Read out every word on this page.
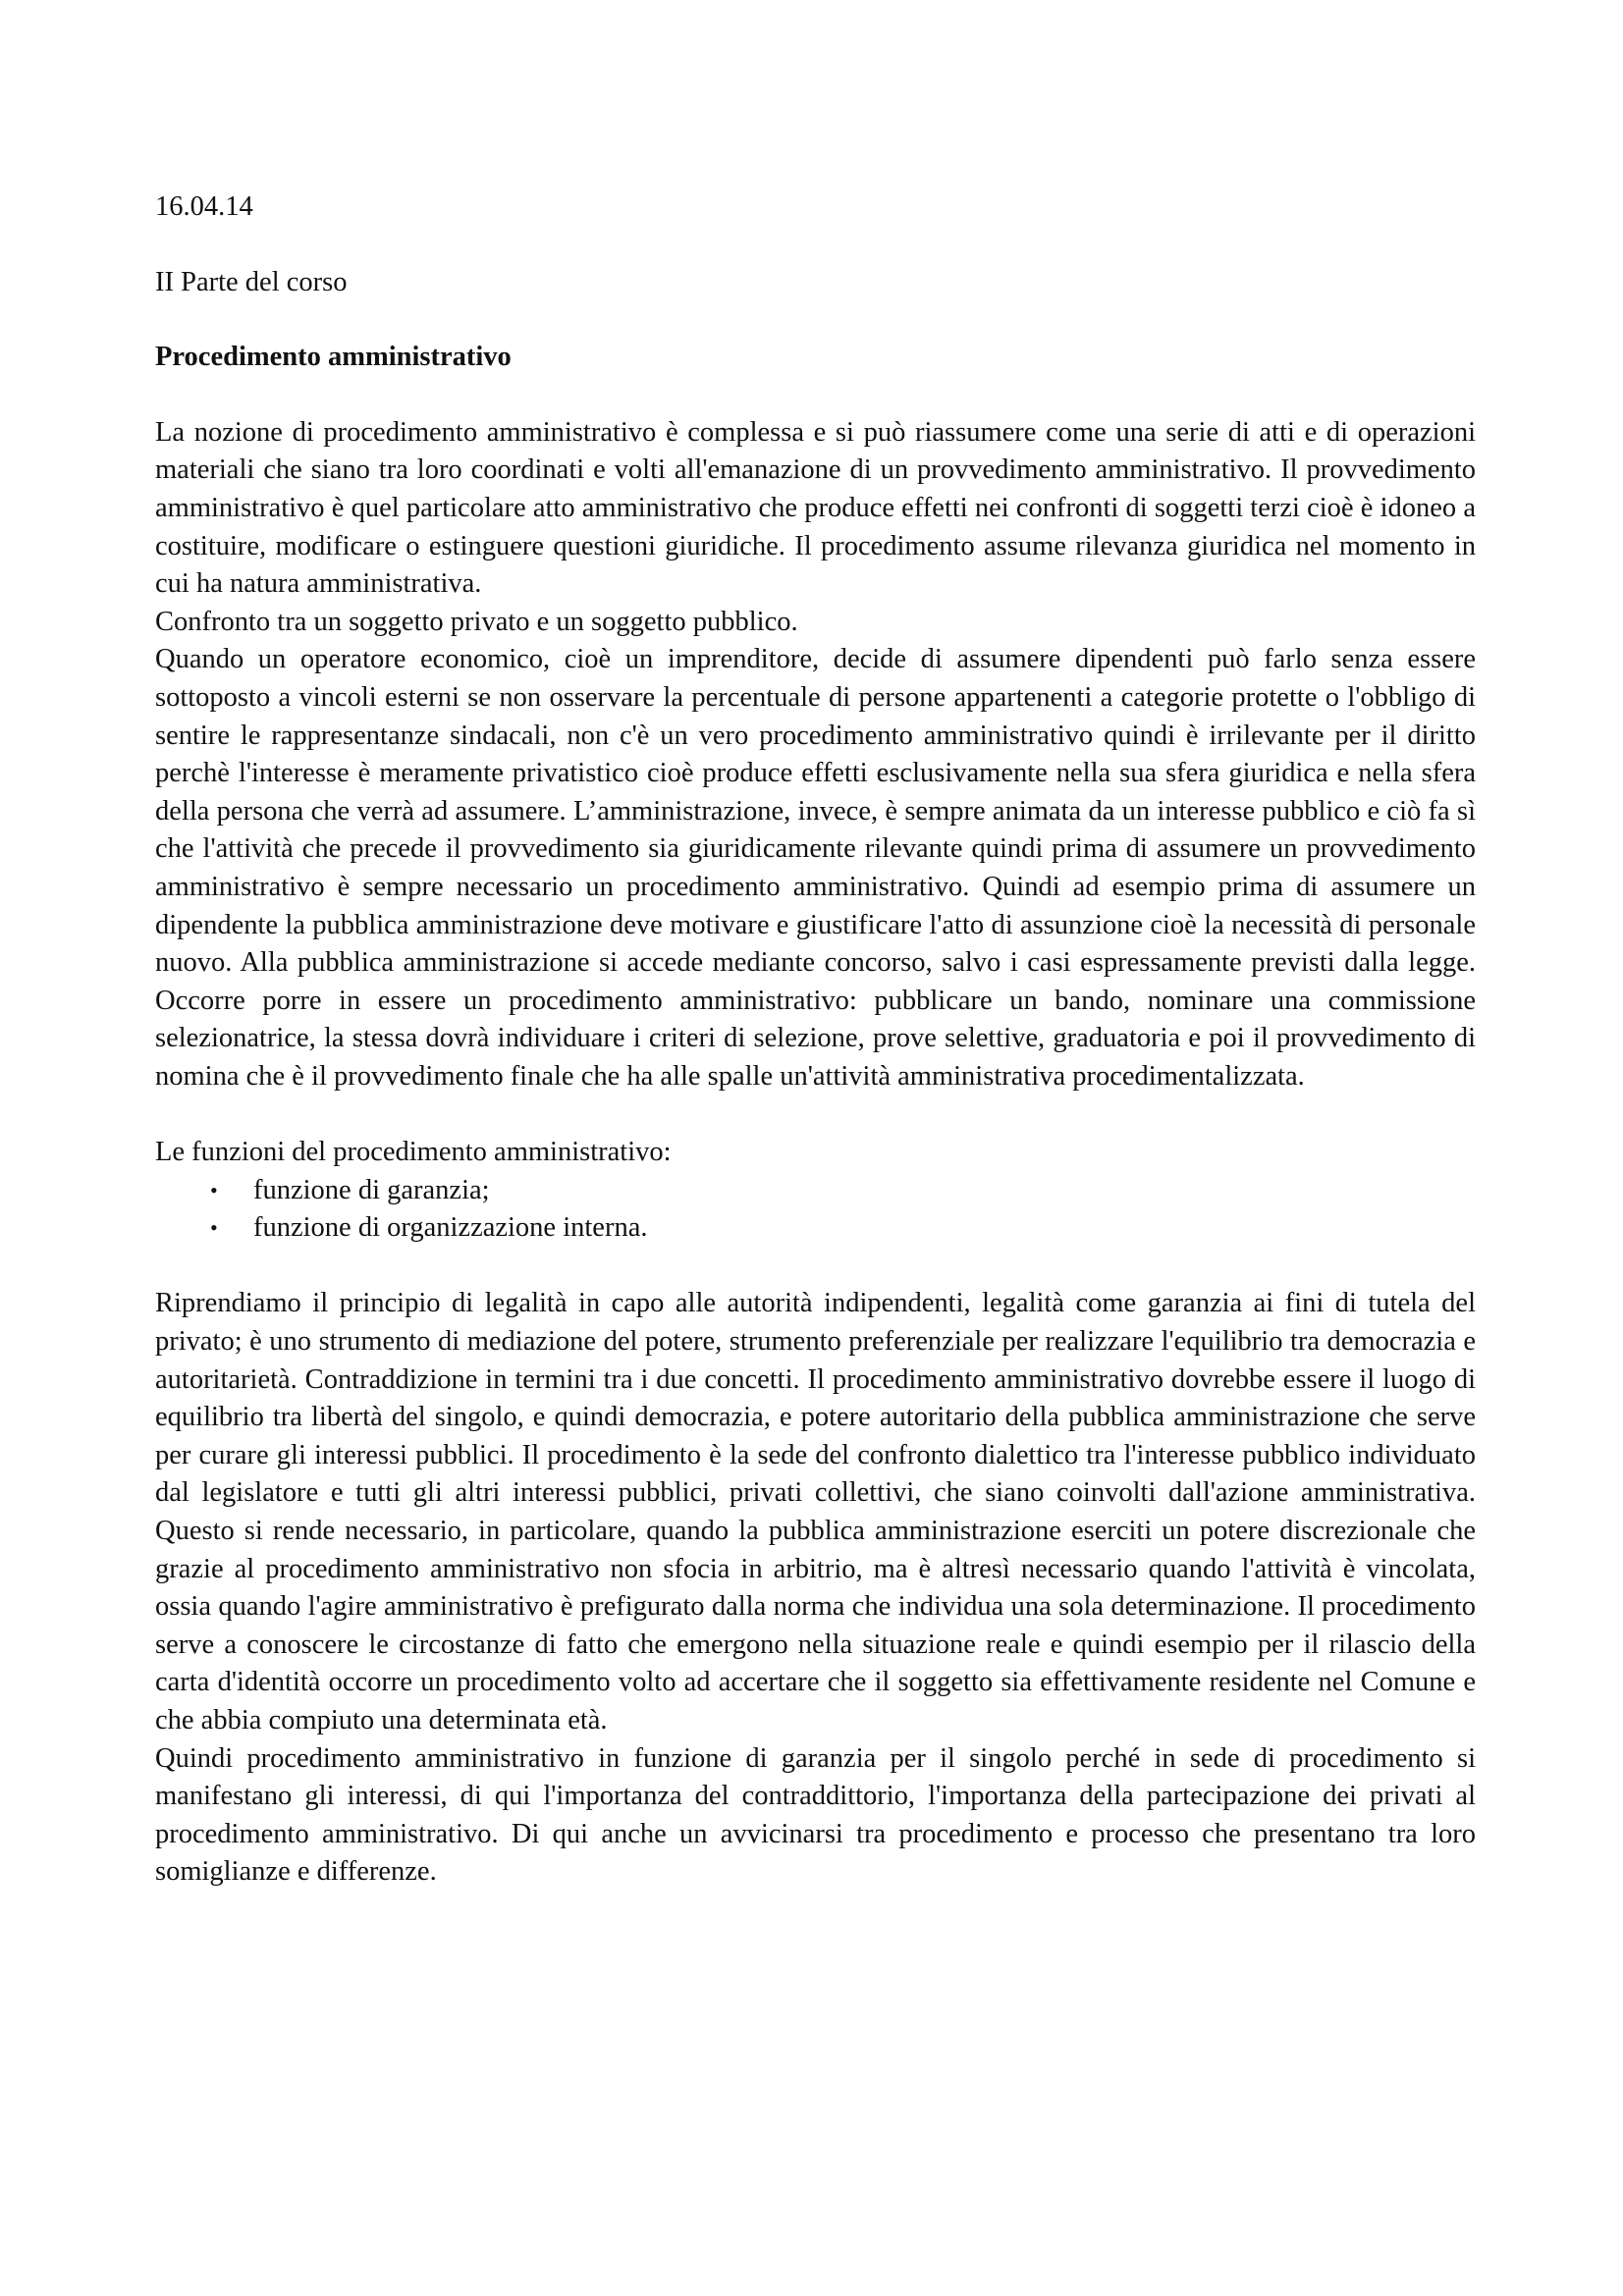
16.04.14

II Parte del corso

Procedimento amministrativo

La nozione di procedimento amministrativo è complessa e si può riassumere come una serie di atti e di operazioni materiali che siano tra loro coordinati e volti all'emanazione di un provvedimento amministrativo. Il provvedimento amministrativo è quel particolare atto amministrativo che produce effetti nei confronti di soggetti terzi cioè è idoneo a costituire, modificare o estinguere questioni giuridiche. Il procedimento assume rilevanza giuridica nel momento in cui ha natura amministrativa.

Confronto tra un soggetto privato e un soggetto pubblico.

Quando un operatore economico, cioè un imprenditore, decide di assumere dipendenti può farlo senza essere sottoposto a vincoli esterni se non osservare la percentuale di persone appartenenti a categorie protette o l'obbligo di sentire le rappresentanze sindacali, non c'è un vero procedimento amministrativo quindi è irrilevante per il diritto perchè l'interesse è meramente privatistico cioè produce effetti esclusivamente nella sua sfera giuridica e nella sfera della persona che verrà ad assumere. L’amministrazione, invece, è sempre animata da un interesse pubblico e ciò fa sì che l'attività che precede il provvedimento sia giuridicamente rilevante quindi prima di assumere un provvedimento amministrativo è sempre necessario un procedimento amministrativo. Quindi ad esempio prima di assumere un dipendente la pubblica amministrazione deve motivare e giustificare l'atto di assunzione cioè la necessità di personale nuovo. Alla pubblica amministrazione si accede mediante concorso, salvo i casi espressamente previsti dalla legge. Occorre porre in essere un procedimento amministrativo: pubblicare un bando, nominare una commissione selezionatrice, la stessa dovrà individuare i criteri di selezione, prove selettive, graduatoria e poi il provvedimento di nomina che è il provvedimento finale che ha alle spalle un'attività amministrativa procedimentalizzata.

Le funzioni del procedimento amministrativo:

• funzione di garanzia;
• funzione di organizzazione interna.

Riprendiamo il principio di legalità in capo alle autorità indipendenti, legalità come garanzia ai fini di tutela del privato; è uno strumento di mediazione del potere, strumento preferenziale per realizzare l'equilibrio tra democrazia e autoritarietà. Contraddizione in termini tra i due concetti. Il procedimento amministrativo dovrebbe essere il luogo di equilibrio tra libertà del singolo, e quindi democrazia, e potere autoritario della pubblica amministrazione che serve per curare gli interessi pubblici. Il procedimento è la sede del confronto dialettico tra l'interesse pubblico individuato dal legislatore e tutti gli altri interessi pubblici, privati collettivi, che siano coinvolti dall'azione amministrativa. Questo si rende necessario, in particolare, quando la pubblica amministrazione eserciti un potere discrezionale che grazie al procedimento amministrativo non sfocia in arbitrio, ma è altresì necessario quando l'attività è vincolata, ossia quando l'agire amministrativo è prefigurato dalla norma che individua una sola determinazione. Il procedimento serve a conoscere le circostanze di fatto che emergono nella situazione reale e quindi esempio per il rilascio della carta d'identità occorre un procedimento volto ad accertare che il soggetto sia effettivamente residente nel Comune e che abbia compiuto una determinata età.

Quindi procedimento amministrativo in funzione di garanzia per il singolo perché in sede di procedimento si manifestano gli interessi, di qui l'importanza del contraddittorio, l'importanza della partecipazione dei privati al procedimento amministrativo. Di qui anche un avvicinarsi tra procedimento e processo che presentano tra loro somiglianze e differenze.
